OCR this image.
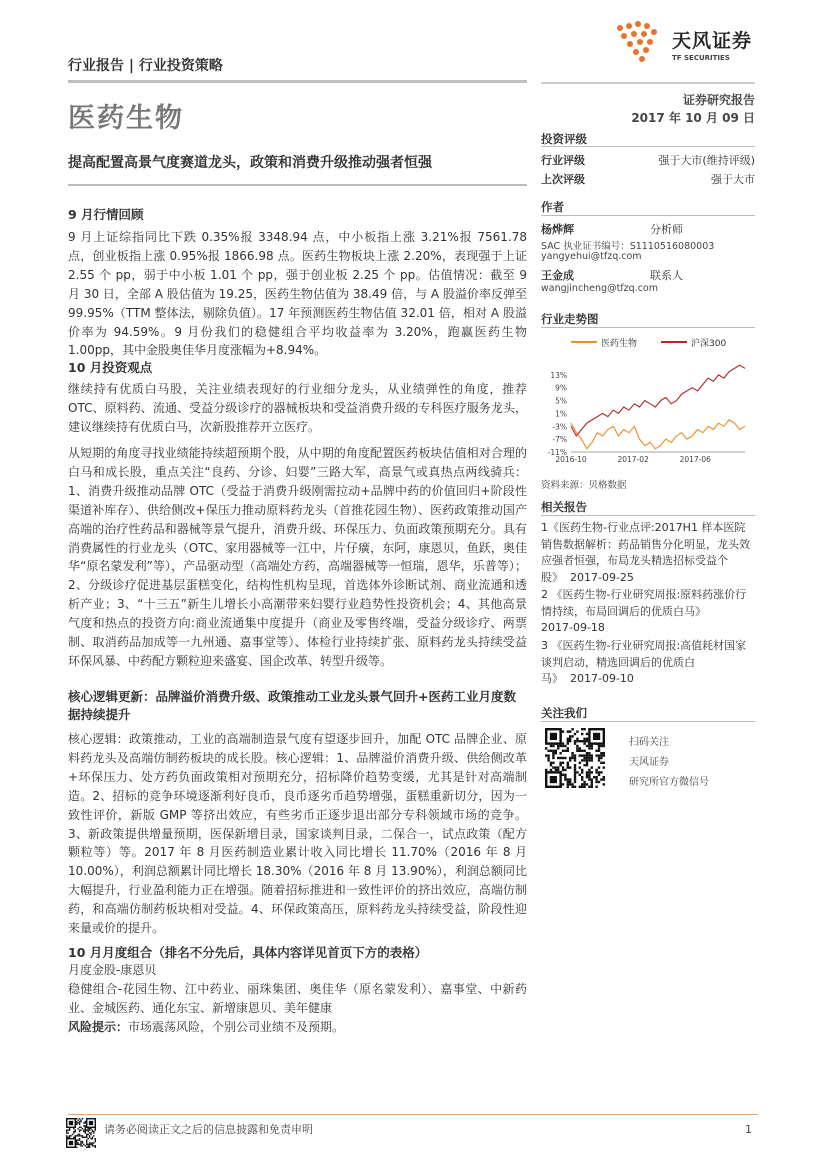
行业报告 | 行业投资策略
天风证券
TF SECURITIES
医药生物
证券研究报告
2017 年 10 月 09 日
提高配置高景气度赛道龙头，政策和消费升级推动强者恒强
9 月行情回顾
9 月上证综指同比下跌 0.35%报 3348.94 点，中小板指上涨 3.21%报 7561.78 点，创业板指上涨 0.95%报 1866.98 点。医药生物板块上涨 2.20%，表现强于上证 2.55 个 pp，弱于中小板 1.01 个 pp，强于创业板 2.25 个 pp。估值情况：截至 9 月 30 日，全部 A 股估值为 19.25，医药生物估值为 38.49 倍，与 A 股溢价率反弹至 99.95%（TTM 整体法，剔除负值）。17 年预测医药生物估值 32.01 倍，相对 A 股溢价率为 94.59%。9 月份我们的稳健组合平均收益率为 3.20%，跑赢医药生物 1.00pp，其中金股奥佳华月度涨幅为+8.94%。
10 月投资观点
继续持有优质白马股，关注业绩表现好的行业细分龙头，从业绩弹性的角度，推荐 OTC、原料药、流通、受益分级诊疗的器械板块和受益消费升级的专科医疗服务龙头，建议继续持有优质白马，次新股推荐开立医疗。
从短期的角度寻找业绩能持续超预期个股，从中期的角度配置医药板块估值相对合理的白马和成长股，重点关注“良药、分诊、妇婴”三路大军，高景气或真热点两线骑兵：1、消费升级推动品牌 OTC（受益于消费升级刚需拉动+品牌中药的价值回归+阶段性渠道补库存）、供给侧改+保压力推动原料药龙头（首推花园生物）、医药政策推动国产高端的治疗性药品和器械等景气提升，消费升级、环保压力、负面政策预期充分。具有消费属性的行业龙头（OTC、家用器械等一江中，片仔癀，东阿，康恩贝，鱼跃，奥佳华“原名蒙发利”等），产品驱动型（高端处方药，高端器械等一恒瑞，恩华，乐普等）；2、分级诊疗促进基层蛋糕变化，结构性机构呈现，首选体外诊断试剂、商业流通和透析产业；3、“十三五”新生儿增长小高潮带来妇婴行业趋势性投资机会；4、其他高景气度和热点的投资方向:商业流通集中度提升（商业及零售终端，受益分级诊疗、两票制、取消药品加成等一九州通、嘉事堂等）、体检行业持续扩张、原料药龙头持续受益环保风暴、中药配方颗粒迎来盛宴、国企改革、转型升级等。
核心逻辑更新：品牌溢价消费升级、政策推动工业龙头景气回升+医药工业月度数据持续提升
核心逻辑：政策推动，工业的高端制造景气度有望逐步回升，加配 OTC 品牌企业、原料药龙头及高端仿制药板块的成长股。核心逻辑：1、品牌溢价消费升级、供给侧改革+环保压力、处方药负面政策相对预期充分，招标降价趋势变缓，尤其是针对高端制造。2、招标的竞争环境逐渐利好良币，良币逐劣币趋势增强，蛋糕重新切分，因为一致性评价，新版 GMP 等挤出效应，有些劣币正逐步退出部分专科领域市场的竞争。3、新政策提供增量预期，医保新增目录，国家谈判目录，二保合一，试点政策（配方颗粒等）等。2017 年 8 月医药制造业累计收入同比增长 11.70%（2016 年 8 月 10.00%），利润总额累计同比增长 18.30%（2016 年 8 月 13.90%），利润总额同比大幅提升，行业盈利能力正在增强。随着招标推进和一致性评价的挤出效应，高端仿制药，和高端仿制药板块相对受益。4、环保政策高压，原料药龙头持续受益，阶段性迎来量或价的提升。
10 月月度组合（排名不分先后，具体内容详见首页下方的表格）
月度金股-康恩贝
稳健组合-花园生物、江中药业、丽珠集团、奥佳华（原名蒙发利）、嘉事堂、中新药业、金城医药、通化东宝、新增康恩贝、美年健康
风险提示：市场震荡风险，个别公司业绩不及预期。
投资评级
行业评级	强于大市(维持评级)
上次评级	强于大市
作者
杨烨辉	分析师
SAC 执业证书编号：S1110516080003
yangyehui@tfzq.com
王金成	联系人
wangjincheng@tfzq.com
行业走势图
医药生物	沪深300
13%
9%
5%
1%
-3%
-7%
-11%
2016-10	2017-02	2017-06
资料来源：贝格数据
相关报告
1《医药生物-行业点评:2017H1 样本医院销售数据解析：药品销售分化明显，龙头效应强者恒强，布局龙头精选招标受益个股》 2017-09-25
2 《医药生物-行业研究周报:原料药涨价行情持续，布局回调后的优质白马》
2017-09-18
3 《医药生物-行业研究周报:高值耗材国家谈判启动，精选回调后的优质白马》 2017-09-10
关注我们
扫码关注
天风证券
研究所官方微信号
请务必阅读正文之后的信息披露和免责申明	1
